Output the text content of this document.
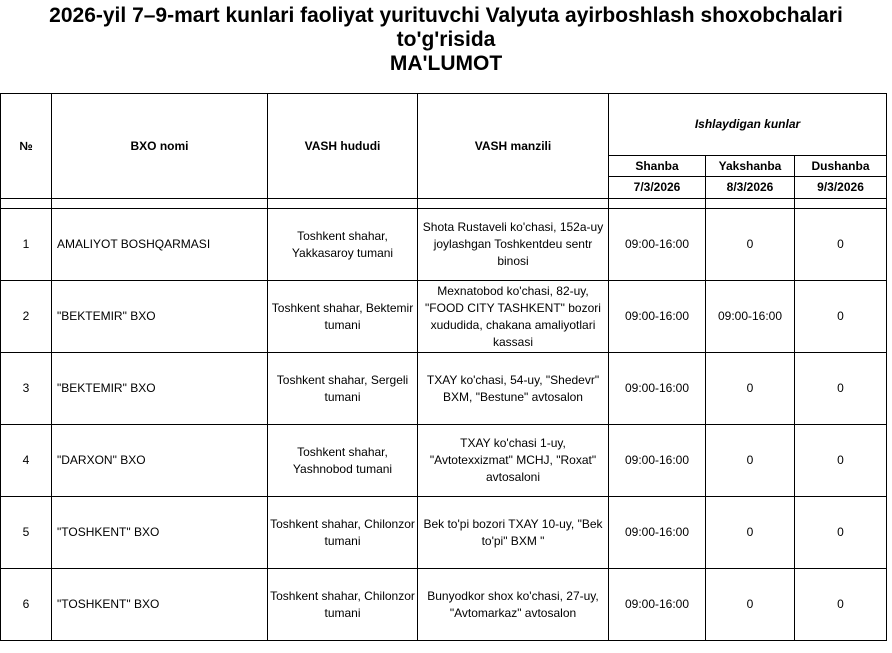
2026-yil 7–9-mart kunlari faoliyat yurituvchi Valyuta ayirboshlash shoxobchalari
to'g'risida
MA'LUMOT
№	BXO nomi	VASH hududi	VASH manzili	Ishlaydigan kunlar		
				Shanba	Yakshanba	Dushanba
				7/3/2026	8/3/2026	9/3/2026

1	AMALIYOT BOSHQARMASI	Toshkent shahar, Yakkasaroy tumani	Shota Rustaveli ko'chasi, 152a-uy joylashgan Toshkentdeu sentr binosi	09:00-16:00	0	0
2	"BEKTEMIR" BXO	Toshkent shahar, Bektemir tumani	Mexnatobod ko'chasi, 82-uy, "FOOD CITY TASHKENT" bozori xududida, chakana amaliyotlari kassasi	09:00-16:00	09:00-16:00	0
3	"BEKTEMIR" BXO	Toshkent shahar, Sergeli tumani	TXAY ko'chasi, 54-uy, "Shedevr" BXM, "Bestune" avtosalon	09:00-16:00	0	0
4	"DARXON" BXO	Toshkent shahar, Yashnobod tumani	TXAY ko'chasi 1-uy, "Avtotexxizmat" MCHJ, "Roxat" avtosaloni	09:00-16:00	0	0
5	"TOSHKENT" BXO	Toshkent shahar, Chilonzor tumani	Bek to'pi bozori TXAY 10-uy, "Bek to'pi" BXM "	09:00-16:00	0	0
6	"TOSHKENT" BXO	Toshkent shahar, Chilonzor tumani	Bunyodkor shox ko'chasi, 27-uy, "Avtomarkaz" avtosalon	09:00-16:00	0	0
